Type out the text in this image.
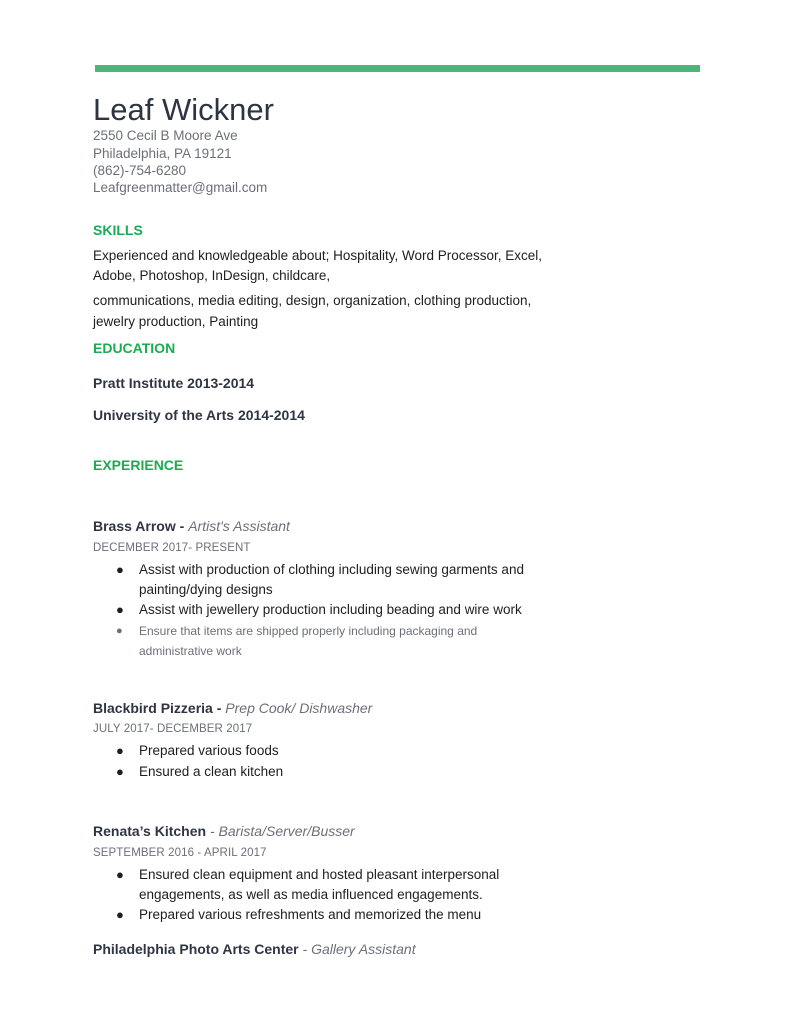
Leaf Wickner
2550 Cecil B Moore Ave
Philadelphia, PA 19121
(862)-754-6280
Leafgreenmatter@gmail.com
SKILLS
Experienced and knowledgeable about; Hospitality, Word Processor, Excel,
Adobe, Photoshop, InDesign, childcare,
communications, media editing, design, organization, clothing production,
jewelry production, Painting
EDUCATION
Pratt Institute 2013-2014
University of the Arts 2014-2014
EXPERIENCE
Brass Arrow - Artist's Assistant
DECEMBER 2017- PRESENT
● Assist with production of clothing including sewing garments and
painting/dying designs
● Assist with jewellery production including beading and wire work
● Ensure that items are shipped properly including packaging and
administrative work
Blackbird Pizzeria - Prep Cook/ Dishwasher
JULY 2017- DECEMBER 2017
● Prepared various foods
● Ensured a clean kitchen
Renata’s Kitchen - Barista/Server/Busser
SEPTEMBER 2016 - APRIL 2017
● Ensured clean equipment and hosted pleasant interpersonal
engagements, as well as media influenced engagements.
● Prepared various refreshments and memorized the menu
Philadelphia Photo Arts Center - Gallery Assistant
